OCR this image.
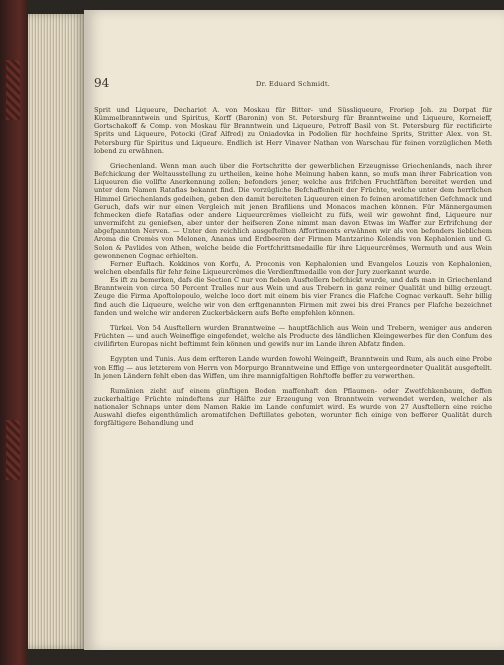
94	Dr. Eduard Schmidt.

Sprit und Liqueure, Dechariot A. von Moskau für Bitter- und Süssliqueure, Froriep Joh. zu Dorpat für Kümmelbranntwein und Spiritus, Korff (Baronin) von St. Petersburg für Branntweine und Liqueure, Korneieff, Gortschakoff & Comp. von Moskau für Branntwein und Liqueure, Petroff Basil von St. Petersburg für rectificirte Sprits und Liqueure, Potocki (Graf Alfred) zu Oniadovka in Podolien für hochfeine Sprits, Stritter Alex. von St. Petersburg für Spiritus und Liqueure. Endlich ist Herr Vinaver Nathan von Warschau für feinen vorzüglichen Meth lobend zu erwähnen.

Griechenland. Wenn man auch über die Fortschritte der gewerblichen Erzeugnisse Griechenlands, nach ihrer Befchickung der Weltausstellung zu urtheilen, keine hohe Meinung haben kann, so mufs man ihrer Fabrication von Liqueuren die vollfte Anerkennung zollen; befonders jener, welche aus frifchen Fruchtfäften bereitet werden und unter dem Namen Ratafias bekannt find. Die vorzügliche Befchaffenheit der Früchte, welche unter dem herrlichen Himmel Griechenlands gedeihen, geben den damit bereiteten Liqueuren einen fo feinen aromatifchen Gefchmack und Geruch, dafs wir nur einen Vergleich mit jenen Brafiliens und Monacos machen können. Für Männergaumen fchmecken diefe Ratafias oder andere Liqueurcrêmes vielleicht zu füfs, weil wir gewohnt find, Liqueure nur unvermifcht zu geniefsen, aber unter der heifseren Zone nimmt man davon Etwas im Waffer zur Erfrifchung der abgefpannten Nerven. — Unter den reichlich ausgeftellten Affortiments erwähnen wir als von befonders lieblichem Aroma die Cremès von Melonen, Ananas und Erdbeeren der Firmen Mantzarino Kolendis von Kephalonien und G. Solon & Pavlides von Athen, welche beide die Fortfchrittsmedaille für ihre Liqueurcrêmes, Wermuth und aus Wein gewonnenen Cognac erhielten.

Ferner Euftach. Kokkinos von Korfu, A. Proconis von Kephalonien und Evangelos Louzis von Kephalonien, welchen ebenfalls für fehr feine Liqueurcrêmes die Verdienftmedaille von der Jury zuerkannt wurde.

Es ift zu bemerken, dafs die Section C nur von fieben Ausftellern befchickt wurde, und dafs man in Griechenland Branntwein von circa 50 Percent Tralles nur aus Wein und aus Trebern in ganz reiner Qualität und billig erzeugt. Zeuge die Firma Apoftolopoulo, welche loco dort mit einem bis vier Francs die Flafche Cognac verkauft. Sehr billig find auch die Liqueure, welche wir von den erftgenannten Firmen mit zwei bis drei Francs per Flafche bezeichnet fanden und welche wir anderen Zuckerbäckern aufs Befte empfehlen können.

Türkei. Von 54 Ausftellern wurden Branntweine — hauptfächlich aus Wein und Trebern, weniger aus anderen Früchten — und auch Weineffige eingefendet, welche als Producte des ländlichen Kleingewerbes für den Confum des civilifirten Europas nicht beftimmt fein können und gewifs nur im Lande ihren Abfatz finden.

Egypten und Tunis. Aus dem erfteren Lande wurden fowohl Weingeift, Branntwein und Rum, als auch eine Probe von Effig — aus letzterem von Herrn von Morpurgo Branntweine und Effige von untergeordneter Qualität ausgeftellt. In jenen Ländern fehlt eben das Wiffen, um ihre mannigfaltigen Rohftoffe beffer zu verwerthen.

Rumänien zieht auf einem günftigen Boden maffenhaft den Pflaumen- oder Zwetfchkenbaum, deffen zuckerhaltige Früchte mindeftens zur Hälfte zur Erzeugung von Branntwein verwendet werden, welcher als nationaler Schnaps unter dem Namen Rakie im Lande confumirt wird. Es wurde von 27 Ausftellern eine reiche Auswahl diefes eigenthümlich aromatifchen Deftillates geboten, worunter fich einige von befferer Qualität durch forgfältigere Behandlung und
